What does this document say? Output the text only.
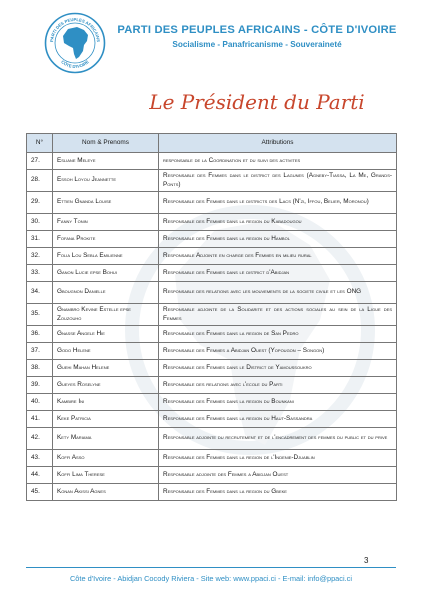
PARTI DES PEUPLES AFRICAINS
CÔTE D'IVOIRE
PARTI DES PEUPLES AFRICAINS - CÔTE D'IVOIRE
Socialisme - Panafricanisme - Souveraineté
Le Président du Parti
N°	Nom & Prenoms	Attributions
27.	Esliane Meleye	responsable de la Coordination et du suivi des activites
28.	Essoh Loyou Jeannette	Responsable des Femmes dans le district des Lagunes (Agneby-Tiassa, La Me, Grands-Ponts)
29.	Ettien Gnanda Louise	Responsable des Femmes dans le districts des Lacs (N'zi, Iffou, Belier, Moronou)
30.	Fanny Tonin	Responsable des Femmes dans la region du Kabadougou
31.	Fofana Prokite	Responsable des Femmes dans la region du Hambol
32.	Folia Lou Sebla Emilienne	Responsable Adjointe en charge des Femmes en milieu rural
33.	Ganon Lucie epse Bohui	Responsable des Femmes dans le district d'Abidjan
34.	Gbougnon Danielle	Responsable des relations avec les mouvements de la societe civile et les ONG
35.	Gnambro Kevine Estelle epse Zouzouho	Responsable adjointe de la Solidarite et des actions sociales au sein de la Ligue des Femmes
36.	Gnasse Angele Hie	Responsable des Femmes dans la region de San Pedro
37.	Godo Helene	Responsable des Femmes a Abidjan Ouest (Yopougon – Songon)
38.	Guehi Mahan Helene	Responsable des Femmes dans le District de Yamoussoukro
39.	Gueyes Roselyne	Responsable des relations avec l'ecole du Parti
40.	Kambire Ini	Responsable des Femmes dans la region du Bounkani
41.	Keke Patricia	Responsable des Femmes dans la region du Haut-Sassandra
42.	Kety Mariama	Responsable adjointe du recrutement et de l'encadrement des femmes du public et du prive
43.	Koffi Asso	Responsable des Femmes dans la region de l'Indenie-Djuablin
44.	Koffi Lima Therese	Responsable adjointe des Femmes a Abidjan Ouest
45.	Konan Akissi Agnes	Responsable des Femmes dans la region du Gbeke
3
Côte d'Ivoire - Abidjan Cocody Riviera - Site web: www.ppaci.ci - E-mail: info@ppaci.ci
